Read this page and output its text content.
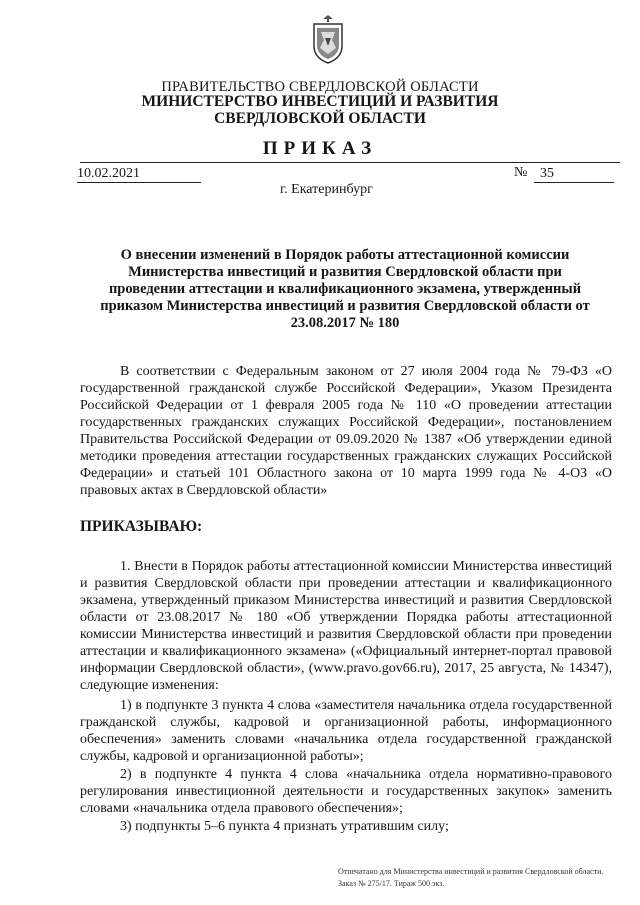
ПРАВИТЕЛЬСТВО СВЕРДЛОВСКОЙ ОБЛАСТИ
МИНИСТЕРСТВО ИНВЕСТИЦИЙ И РАЗВИТИЯ
СВЕРДЛОВСКОЙ ОБЛАСТИ
ПРИКАЗ
10.02.2021	№ 35
г. Екатеринбург
О внесении изменений в Порядок работы аттестационной комиссии Министерства инвестиций и развития Свердловской области при проведении аттестации и квалификационного экзамена, утвержденный приказом Министерства инвестиций и развития Свердловской области от 23.08.2017 № 180
В соответствии с Федеральным законом от 27 июля 2004 года № 79-ФЗ «О государственной гражданской службе Российской Федерации», Указом Президента Российской Федерации от 1 февраля 2005 года № 110 «О проведении аттестации государственных гражданских служащих Российской Федерации», постановлением Правительства Российской Федерации от 09.09.2020 № 1387 «Об утверждении единой методики проведения аттестации государственных гражданских служащих Российской Федерации» и статьей 101 Областного закона от 10 марта 1999 года № 4-ОЗ «О правовых актах в Свердловской области»
ПРИКАЗЫВАЮ:
1. Внести в Порядок работы аттестационной комиссии Министерства инвестиций и развития Свердловской области при проведении аттестации и квалификационного экзамена, утвержденный приказом Министерства инвестиций и развития Свердловской области от 23.08.2017 № 180 «Об утверждении Порядка работы аттестационной комиссии Министерства инвестиций и развития Свердловской области при проведении аттестации и квалификационного экзамена» («Официальный интернет-портал правовой информации Свердловской области», (www.pravo.gov66.ru), 2017, 25 августа, № 14347), следующие изменения:
1) в подпункте 3 пункта 4 слова «заместителя начальника отдела государственной гражданской службы, кадровой и организационной работы, информационного обеспечения» заменить словами «начальника отдела государственной гражданской службы, кадровой и организационной работы»;
2) в подпункте 4 пункта 4 слова «начальника отдела нормативно-правового регулирования инвестиционной деятельности и государственных закупок» заменить словами «начальника отдела правового обеспечения»;
3) подпункты 5–6 пункта 4 признать утратившим силу;
Отпечатано для Министерства инвестиций и развития Свердловской области.
Заказ № 275/17. Тираж 500 экз.
